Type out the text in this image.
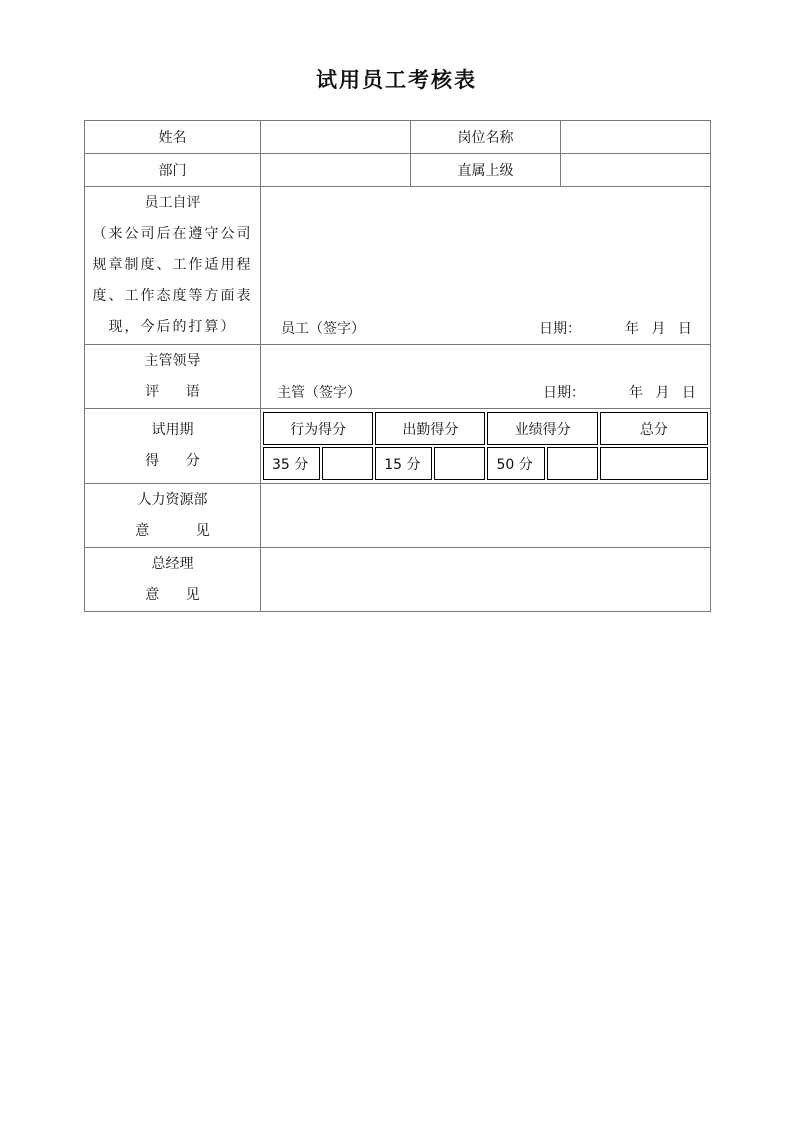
试用员工考核表
姓名		岗位名称	
部门		直属上级	

员工自评
（来公司后在遵守公司规章制度、工作适用程度、工作态度等方面表现，今后的打算）	员工（签字）	日期：	年 月 日

主管领导
评 语	主管（签字）	日期：	年 月 日

试用期
得 分

行为得分	出勤得分	业绩得分	总分
35 分		15 分		50 分		

人力资源部
意 见

总经理
意 见
